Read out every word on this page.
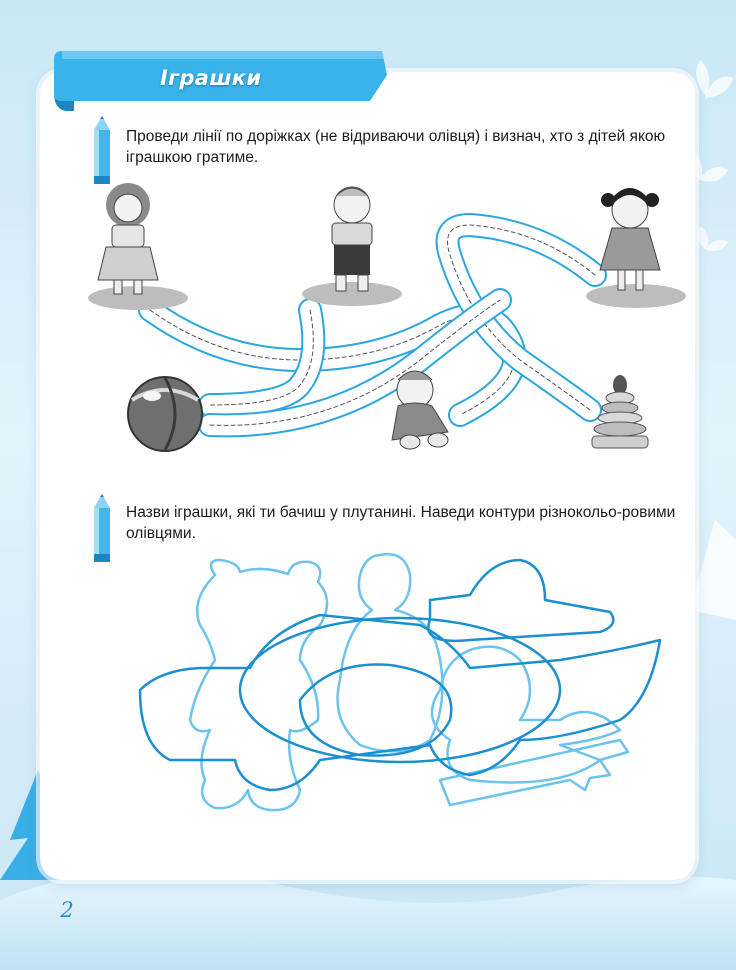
Іграшки
Проведи лінії по доріжках (не відриваючи олівця) і визнач, хто з дітей якою іграшкою гратиме.
Назви іграшки, які ти бачиш у плутанині. Наведи контури різнокольо-ровими олівцями.
2
